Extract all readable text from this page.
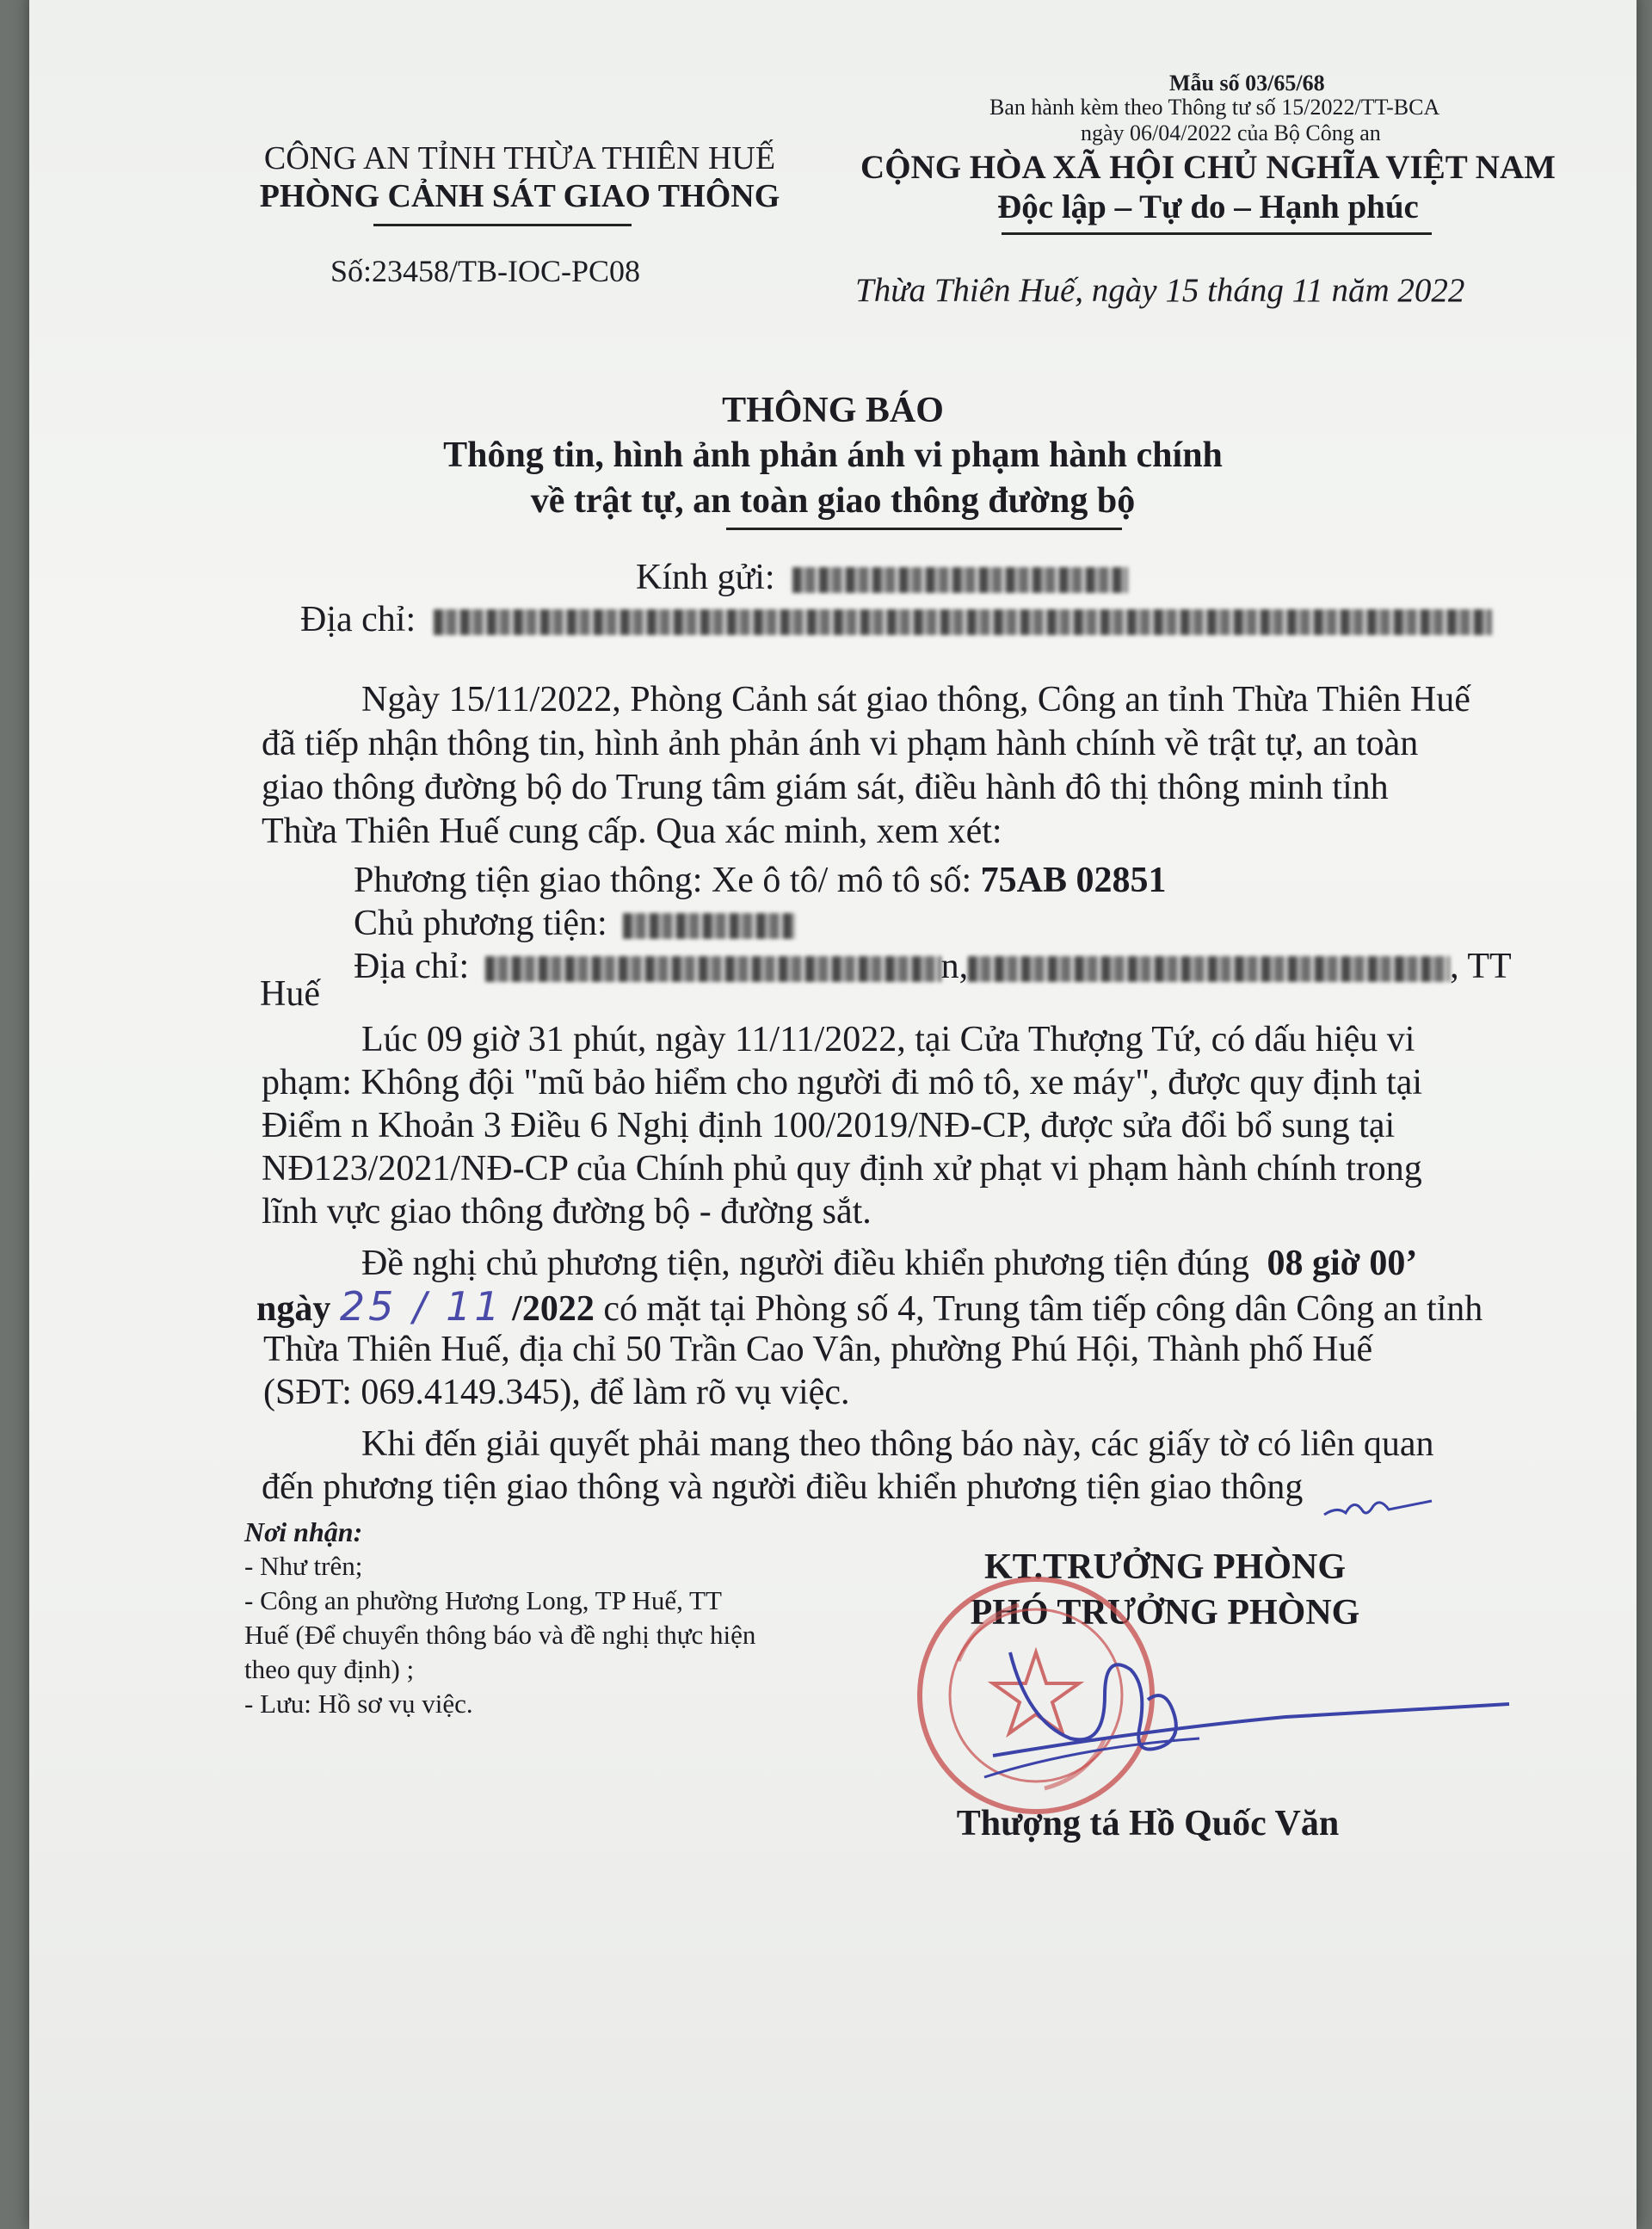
Mẫu số 03/65/68
Ban hành kèm theo Thông tư số 15/2022/TT-BCA
ngày 06/04/2022 của Bộ Công an
CÔNG AN TỈNH THỪA THIÊN HUẾ
PHÒNG CẢNH SÁT GIAO THÔNG
Số:23458/TB-IOC-PC08
CỘNG HÒA XÃ HỘI CHỦ NGHĨA VIỆT NAM
Độc lập – Tự do – Hạnh phúc
Thừa Thiên Huế, ngày 15 tháng 11 năm 2022
THÔNG BÁO
Thông tin, hình ảnh phản ánh vi phạm hành chính
về trật tự, an toàn giao thông đường bộ
Kính gửi:
Địa chỉ:
Ngày 15/11/2022, Phòng Cảnh sát giao thông, Công an tỉnh Thừa Thiên Huế
đã tiếp nhận thông tin, hình ảnh phản ánh vi phạm hành chính về trật tự, an toàn
giao thông đường bộ do Trung tâm giám sát, điều hành đô thị thông minh tỉnh
Thừa Thiên Huế cung cấp. Qua xác minh, xem xét:
Phương tiện giao thông: Xe ô tô/ mô tô số: 75AB 02851
Chủ phương tiện:
Địa chỉ:	n,	, TT
Huế
Lúc 09 giờ 31 phút, ngày 11/11/2022, tại Cửa Thượng Tứ, có dấu hiệu vi
phạm: Không đội "mũ bảo hiểm cho người đi mô tô, xe máy", được quy định tại
Điểm n Khoản 3 Điều 6 Nghị định 100/2019/NĐ-CP, được sửa đổi bổ sung tại
NĐ123/2021/NĐ-CP của Chính phủ quy định xử phạt vi phạm hành chính trong
lĩnh vực giao thông đường bộ - đường sắt.
Đề nghị chủ phương tiện, người điều khiển phương tiện đúng 08 giờ 00’
ngày 25 / 11 /2022 có mặt tại Phòng số 4, Trung tâm tiếp công dân Công an tỉnh
Thừa Thiên Huế, địa chỉ 50 Trần Cao Vân, phường Phú Hội, Thành phố Huế
(SĐT: 069.4149.345), để làm rõ vụ việc.
Khi đến giải quyết phải mang theo thông báo này, các giấy tờ có liên quan
đến phương tiện giao thông và người điều khiển phương tiện giao thông
Nơi nhận:
- Như trên;
- Công an phường Hương Long, TP Huế, TT
Huế (Để chuyển thông báo và đề nghị thực hiện
theo quy định) ;
- Lưu: Hồ sơ vụ việc.
KT.TRƯỞNG PHÒNG
PHÓ TRƯỞNG PHÒNG
Thượng tá Hồ Quốc Văn
